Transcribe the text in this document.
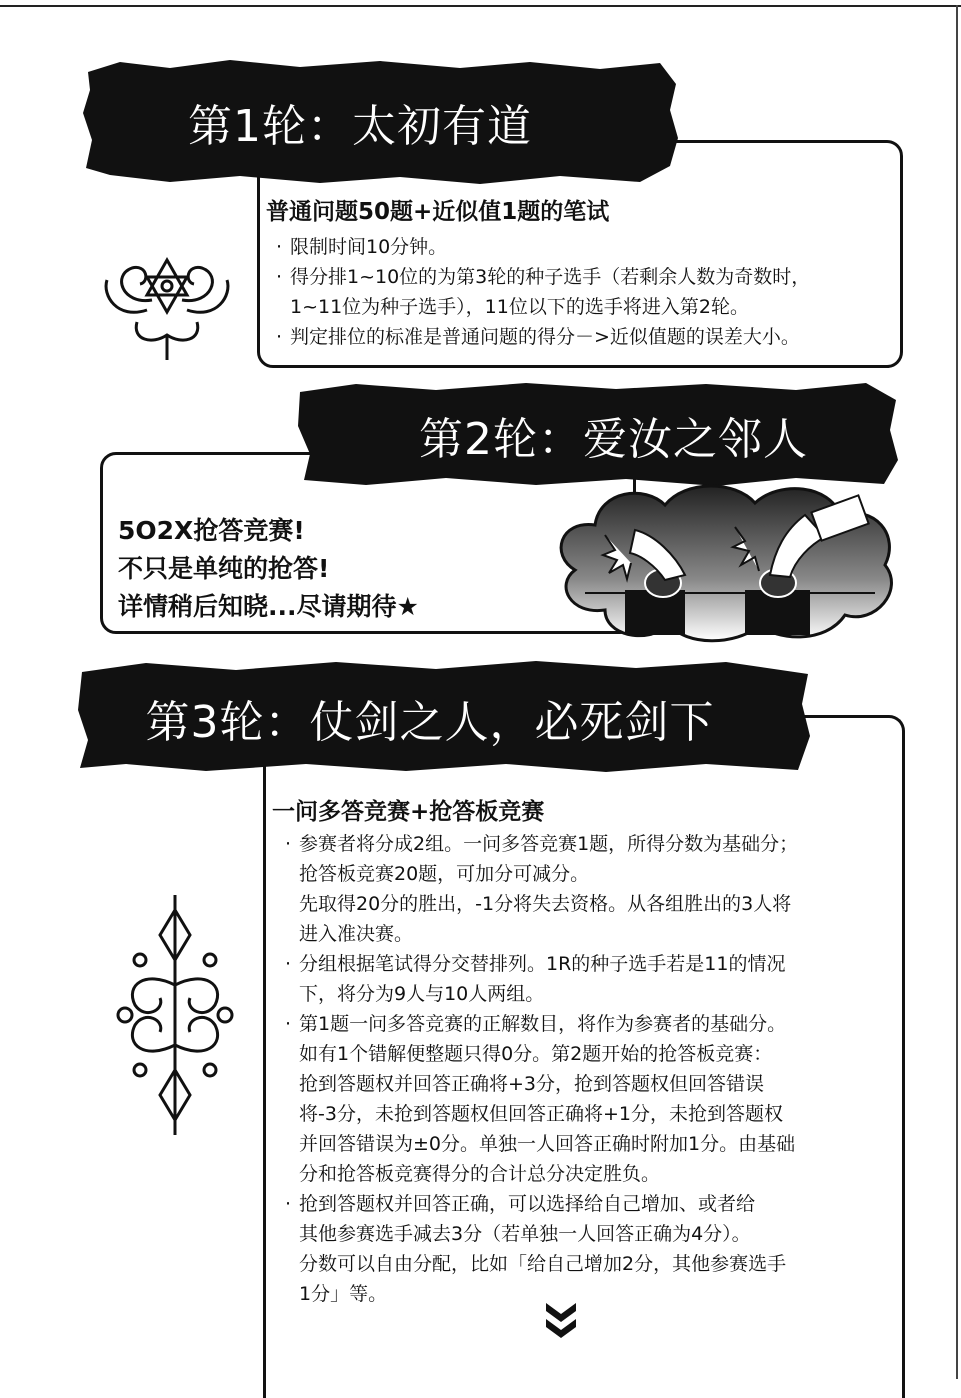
第1轮：太初有道
普通问题50题+近似值1题的笔试
· 限制时间10分钟。
· 得分排1~10位的为第3轮的种子选手（若剩余人数为奇数时，
1~11位为种子选手），11位以下的选手将进入第2轮。
· 判定排位的标准是普通问题的得分－>近似值题的误差大小。
第2轮：爱汝之邻人
5O2X抢答竞赛!
不只是单纯的抢答!
详情稍后知晓...尽请期待★
第3轮：仗剑之人，必死剑下
一问多答竞赛+抢答板竞赛
· 参赛者将分成2组。一问多答竞赛1题，所得分数为基础分；
抢答板竞赛20题，可加分可减分。
先取得20分的胜出，-1分将失去资格。从各组胜出的3人将
进入准决赛。
· 分组根据笔试得分交替排列。1R的种子选手若是11的情况
下，将分为9人与10人两组。
· 第1题一问多答竞赛的正解数目，将作为参赛者的基础分。
如有1个错解便整题只得0分。第2题开始的抢答板竞赛：
抢到答题权并回答正确将+3分，抢到答题权但回答错误
将-3分，未抢到答题权但回答正确将+1分，未抢到答题权
并回答错误为±0分。单独一人回答正确时附加1分。由基础
分和抢答板竞赛得分的合计总分决定胜负。
· 抢到答题权并回答正确，可以选择给自己增加、或者给
其他参赛选手减去3分（若单独一人回答正确为4分）。
分数可以自由分配，比如「给自己增加2分，其他参赛选手
1分」等。
